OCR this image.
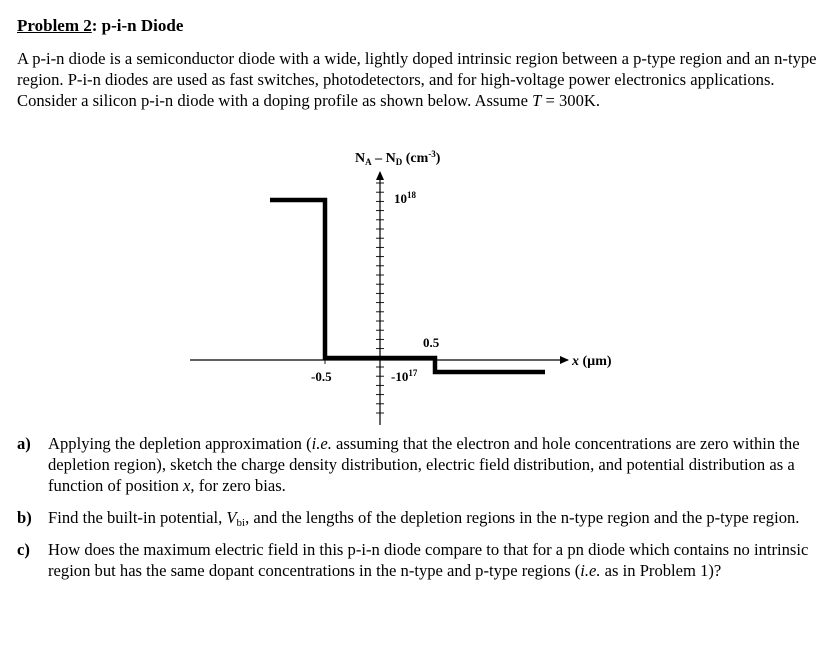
Problem 2: p-i-n Diode
A p-i-n diode is a semiconductor diode with a wide, lightly doped intrinsic region between a p-type region and an n-type region. P-i-n diodes are used as fast switches, photodetectors, and for high-voltage power electronics applications. Consider a silicon p-i-n diode with a doping profile as shown below. Assume T = 300K.
$N_A - N_D$ $(cm^{-3})$
x (µm)
-0.5
0.5
$10^{18}$
$-10^{17}$
a)	Applying the depletion approximation (i.e. assuming that the electron and hole concentrations are zero within the depletion region), sketch the charge density distribution, electric field distribution, and potential distribution as a function of position x, for zero bias.
b) Find the built-in potential, $V_{bi}$, and the lengths of the depletion regions in the n-type region and the p-type region.
c)	How does the maximum electric field in this p-i-n diode compare to that for a pn diode which contains no intrinsic region but has the same dopant concentrations in the n-type and p-type regions (i.e. as in Problem 1)?
